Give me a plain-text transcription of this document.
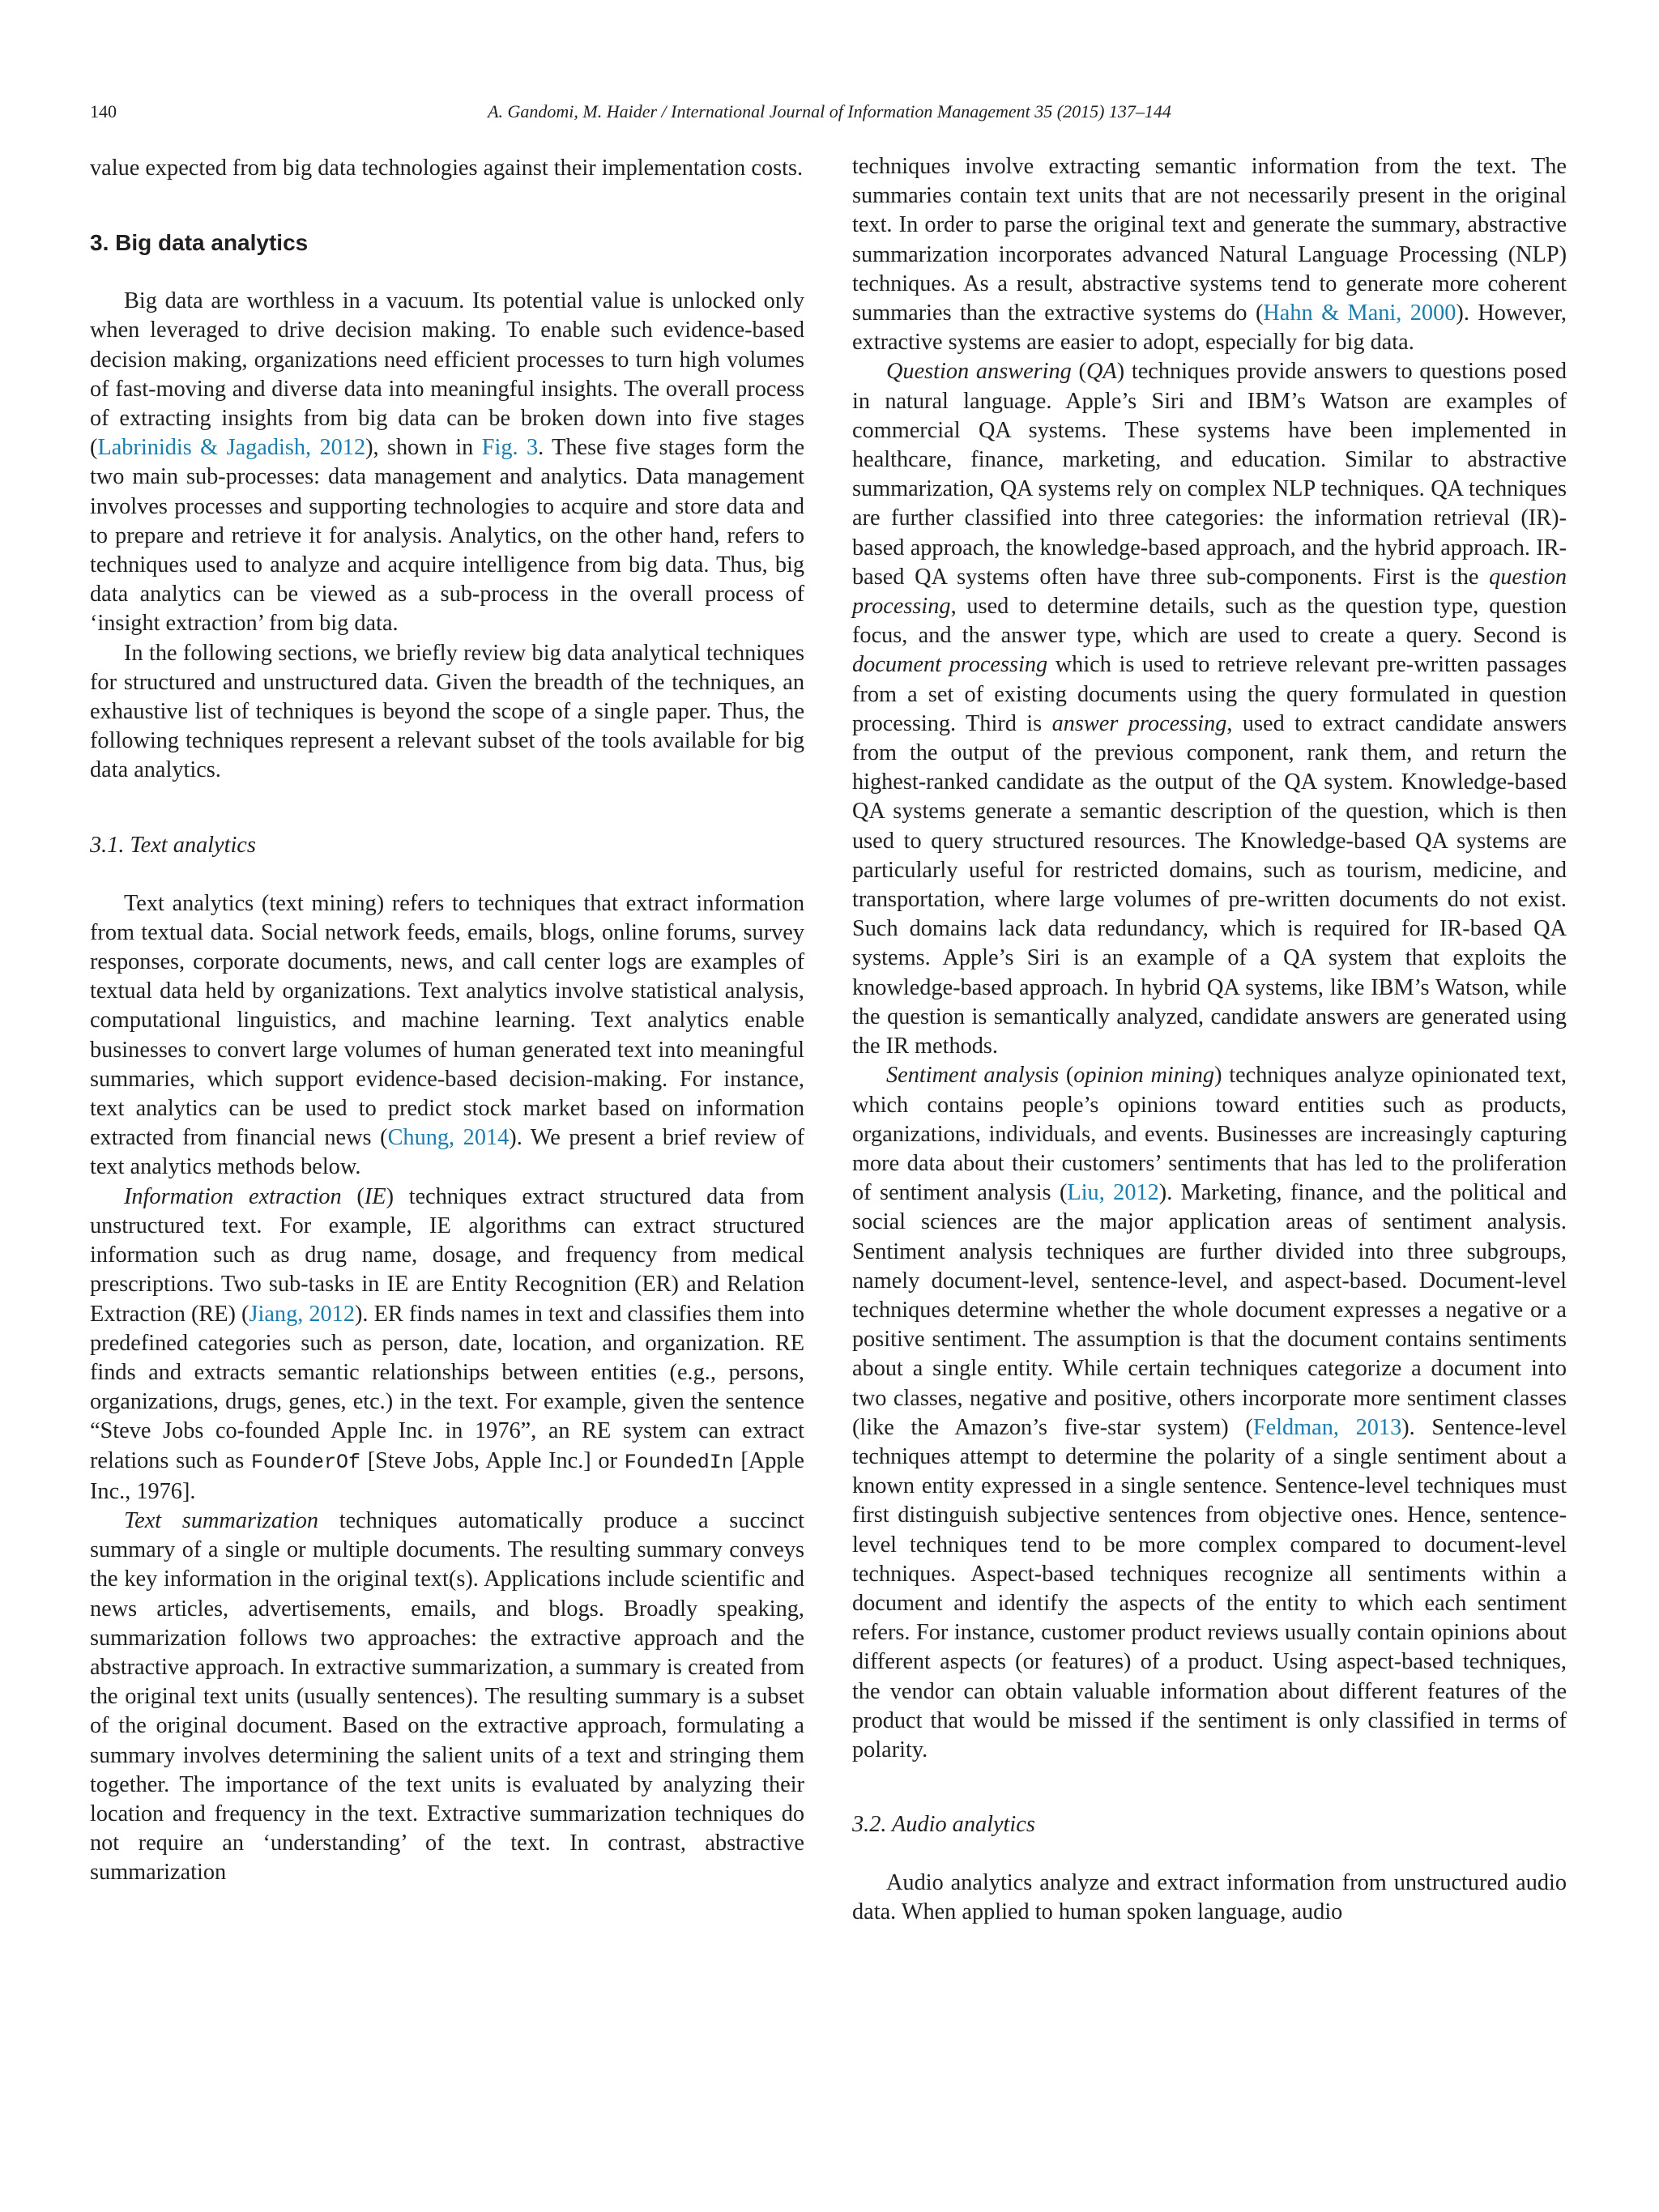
140	A. Gandomi, M. Haider / International Journal of Information Management 35 (2015) 137–144

value expected from big data technologies against their implementation costs.

3. Big data analytics

Big data are worthless in a vacuum. Its potential value is unlocked only when leveraged to drive decision making. To enable such evidence-based decision making, organizations need efficient processes to turn high volumes of fast-moving and diverse data into meaningful insights. The overall process of extracting insights from big data can be broken down into five stages (Labrinidis & Jagadish, 2012), shown in Fig. 3. These five stages form the two main sub-processes: data management and analytics. Data management involves processes and supporting technologies to acquire and store data and to prepare and retrieve it for analysis. Analytics, on the other hand, refers to techniques used to analyze and acquire intelligence from big data. Thus, big data analytics can be viewed as a sub-process in the overall process of ‘insight extraction’ from big data.

In the following sections, we briefly review big data analytical techniques for structured and unstructured data. Given the breadth of the techniques, an exhaustive list of techniques is beyond the scope of a single paper. Thus, the following techniques represent a relevant subset of the tools available for big data analytics.

3.1. Text analytics

Text analytics (text mining) refers to techniques that extract information from textual data. Social network feeds, emails, blogs, online forums, survey responses, corporate documents, news, and call center logs are examples of textual data held by organizations. Text analytics involve statistical analysis, computational linguistics, and machine learning. Text analytics enable businesses to convert large volumes of human generated text into meaningful summaries, which support evidence-based decision-making. For instance, text analytics can be used to predict stock market based on information extracted from financial news (Chung, 2014). We present a brief review of text analytics methods below.

Information extraction (IE) techniques extract structured data from unstructured text. For example, IE algorithms can extract structured information such as drug name, dosage, and frequency from medical prescriptions. Two sub-tasks in IE are Entity Recognition (ER) and Relation Extraction (RE) (Jiang, 2012). ER finds names in text and classifies them into predefined categories such as person, date, location, and organization. RE finds and extracts semantic relationships between entities (e.g., persons, organizations, drugs, genes, etc.) in the text. For example, given the sentence “Steve Jobs co-founded Apple Inc. in 1976”, an RE system can extract relations such as FounderOf [Steve Jobs, Apple Inc.] or FoundedIn [Apple Inc., 1976].

Text summarization techniques automatically produce a succinct summary of a single or multiple documents. The resulting summary conveys the key information in the original text(s). Applications include scientific and news articles, advertisements, emails, and blogs. Broadly speaking, summarization follows two approaches: the extractive approach and the abstractive approach. In extractive summarization, a summary is created from the original text units (usually sentences). The resulting summary is a subset of the original document. Based on the extractive approach, formulating a summary involves determining the salient units of a text and stringing them together. The importance of the text units is evaluated by analyzing their location and frequency in the text. Extractive summarization techniques do not require an ‘understanding’ of the text. In contrast, abstractive summarization

techniques involve extracting semantic information from the text. The summaries contain text units that are not necessarily present in the original text. In order to parse the original text and generate the summary, abstractive summarization incorporates advanced Natural Language Processing (NLP) techniques. As a result, abstractive systems tend to generate more coherent summaries than the extractive systems do (Hahn & Mani, 2000). However, extractive systems are easier to adopt, especially for big data.

Question answering (QA) techniques provide answers to questions posed in natural language. Apple’s Siri and IBM’s Watson are examples of commercial QA systems. These systems have been implemented in healthcare, finance, marketing, and education. Similar to abstractive summarization, QA systems rely on complex NLP techniques. QA techniques are further classified into three categories: the information retrieval (IR)-based approach, the knowledge-based approach, and the hybrid approach. IR-based QA systems often have three sub-components. First is the question processing, used to determine details, such as the question type, question focus, and the answer type, which are used to create a query. Second is document processing which is used to retrieve relevant pre-written passages from a set of existing documents using the query formulated in question processing. Third is answer processing, used to extract candidate answers from the output of the previous component, rank them, and return the highest-ranked candidate as the output of the QA system. Knowledge-based QA systems generate a semantic description of the question, which is then used to query structured resources. The Knowledge-based QA systems are particularly useful for restricted domains, such as tourism, medicine, and transportation, where large volumes of pre-written documents do not exist. Such domains lack data redundancy, which is required for IR-based QA systems. Apple’s Siri is an example of a QA system that exploits the knowledge-based approach. In hybrid QA systems, like IBM’s Watson, while the question is semantically analyzed, candidate answers are generated using the IR methods.

Sentiment analysis (opinion mining) techniques analyze opinionated text, which contains people’s opinions toward entities such as products, organizations, individuals, and events. Businesses are increasingly capturing more data about their customers’ sentiments that has led to the proliferation of sentiment analysis (Liu, 2012). Marketing, finance, and the political and social sciences are the major application areas of sentiment analysis. Sentiment analysis techniques are further divided into three subgroups, namely document-level, sentence-level, and aspect-based. Document-level techniques determine whether the whole document expresses a negative or a positive sentiment. The assumption is that the document contains sentiments about a single entity. While certain techniques categorize a document into two classes, negative and positive, others incorporate more sentiment classes (like the Amazon’s five-star system) (Feldman, 2013). Sentence-level techniques attempt to determine the polarity of a single sentiment about a known entity expressed in a single sentence. Sentence-level techniques must first distinguish subjective sentences from objective ones. Hence, sentence-level techniques tend to be more complex compared to document-level techniques. Aspect-based techniques recognize all sentiments within a document and identify the aspects of the entity to which each sentiment refers. For instance, customer product reviews usually contain opinions about different aspects (or features) of a product. Using aspect-based techniques, the vendor can obtain valuable information about different features of the product that would be missed if the sentiment is only classified in terms of polarity.

3.2. Audio analytics

Audio analytics analyze and extract information from unstructured audio data. When applied to human spoken language, audio
